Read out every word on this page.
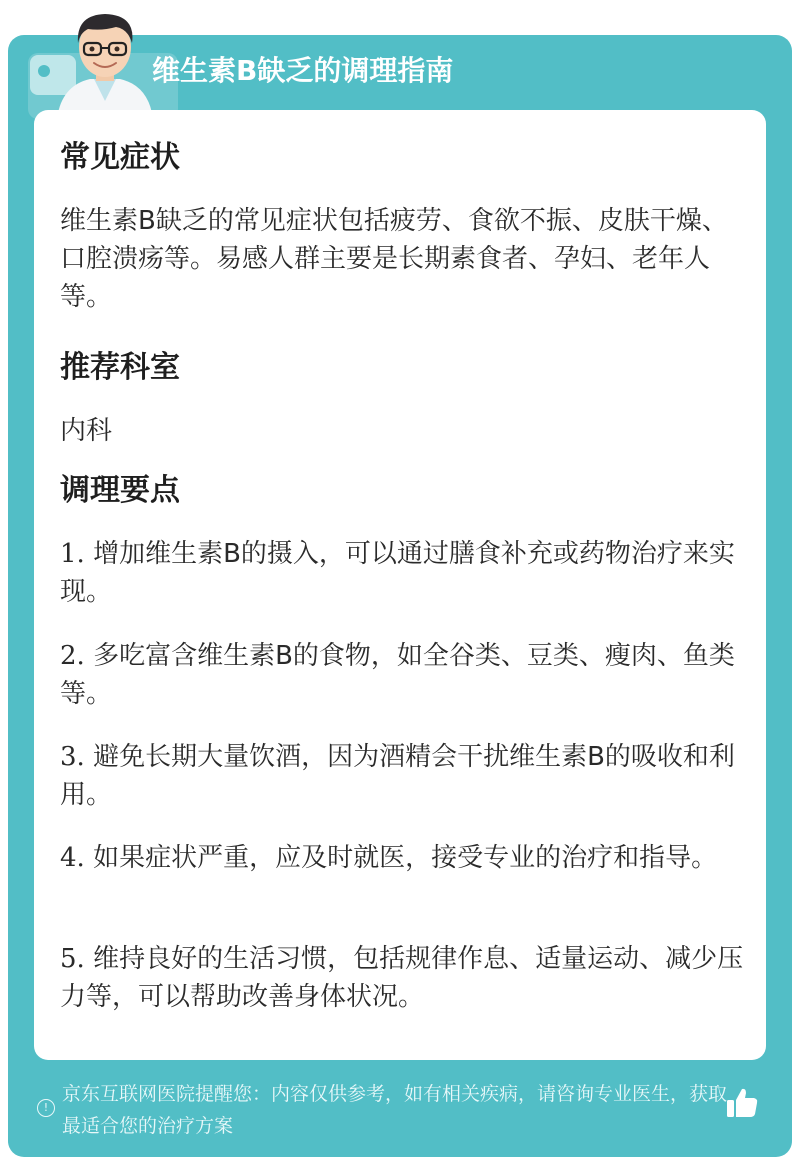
维生素B缺乏的调理指南
常见症状
维生素B缺乏的常见症状包括疲劳、食欲不振、皮肤干燥、口腔溃疡等。易感人群主要是长期素食者、孕妇、老年人等。
推荐科室
内科
调理要点
1. 增加维生素B的摄入，可以通过膳食补充或药物治疗来实现。
2. 多吃富含维生素B的食物，如全谷类、豆类、瘦肉、鱼类等。
3. 避免长期大量饮酒，因为酒精会干扰维生素B的吸收和利用。
4. 如果症状严重，应及时就医，接受专业的治疗和指导。
5. 维持良好的生活习惯，包括规律作息、适量运动、减少压力等，可以帮助改善身体状况。
!
京东互联网医院提醒您：内容仅供参考，如有相关疾病，请咨询专业医生，获取最适合您的治疗方案
